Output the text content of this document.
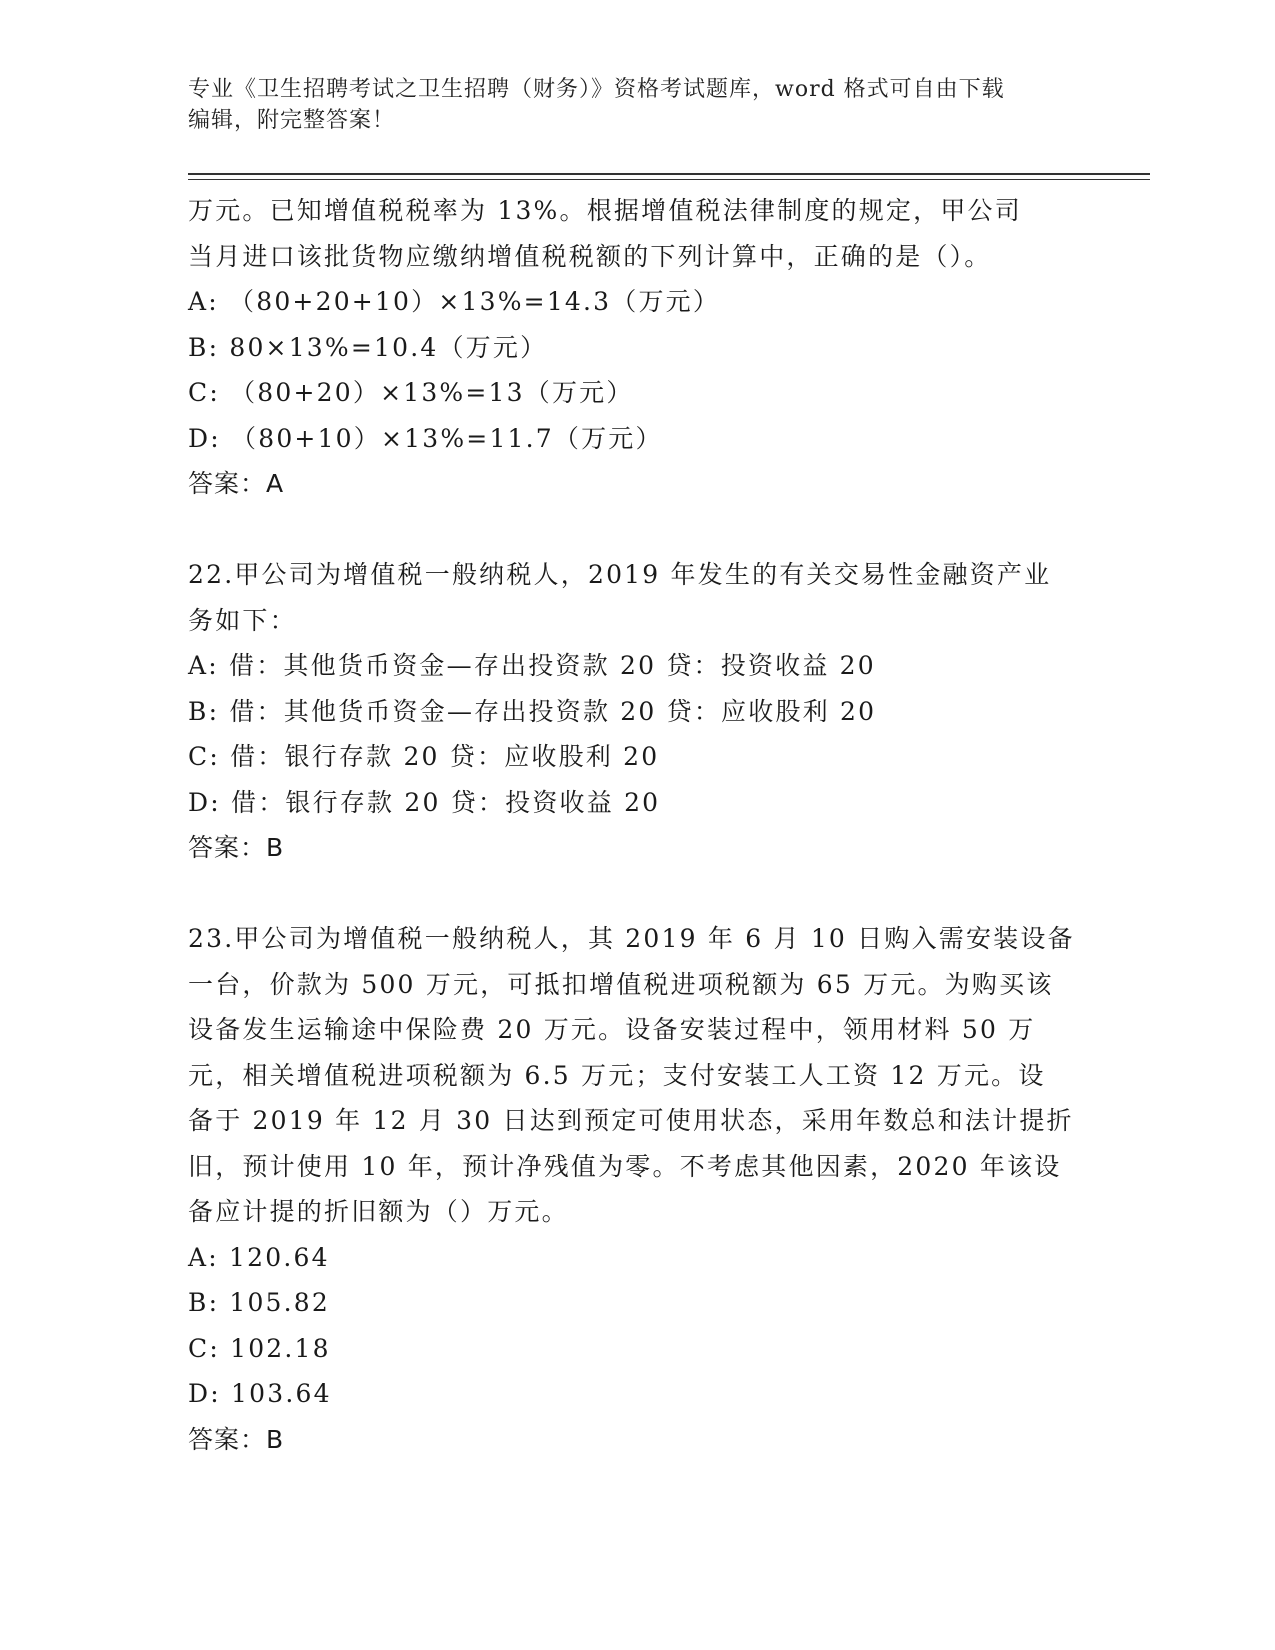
专业《卫生招聘考试之卫生招聘（财务）》资格考试题库，word 格式可自由下载
编辑，附完整答案！
万元。已知增值税税率为 13%。根据增值税法律制度的规定，甲公司
当月进口该批货物应缴纳增值税税额的下列计算中，正确的是（）。
A: （80+20+10）×13%=14.3（万元）
B: 80×13%=10.4（万元）
C: （80+20）×13%=13（万元）
D: （80+10）×13%=11.7（万元）
答案：A
22.甲公司为增值税一般纳税人，2019 年发生的有关交易性金融资产业
务如下：
A: 借：其他货币资金—存出投资款 20 贷：投资收益 20
B: 借：其他货币资金—存出投资款 20 贷：应收股利 20
C: 借：银行存款 20 贷：应收股利 20
D: 借：银行存款 20 贷：投资收益 20
答案：B
23.甲公司为增值税一般纳税人，其 2019 年 6 月 10 日购入需安装设备
一台，价款为 500 万元，可抵扣增值税进项税额为 65 万元。为购买该
设备发生运输途中保险费 20 万元。设备安装过程中，领用材料 50 万
元，相关增值税进项税额为 6.5 万元；支付安装工人工资 12 万元。设
备于 2019 年 12 月 30 日达到预定可使用状态，采用年数总和法计提折
旧，预计使用 10 年，预计净残值为零。不考虑其他因素，2020 年该设
备应计提的折旧额为（）万元。
A: 120.64
B: 105.82
C: 102.18
D: 103.64
答案：B
